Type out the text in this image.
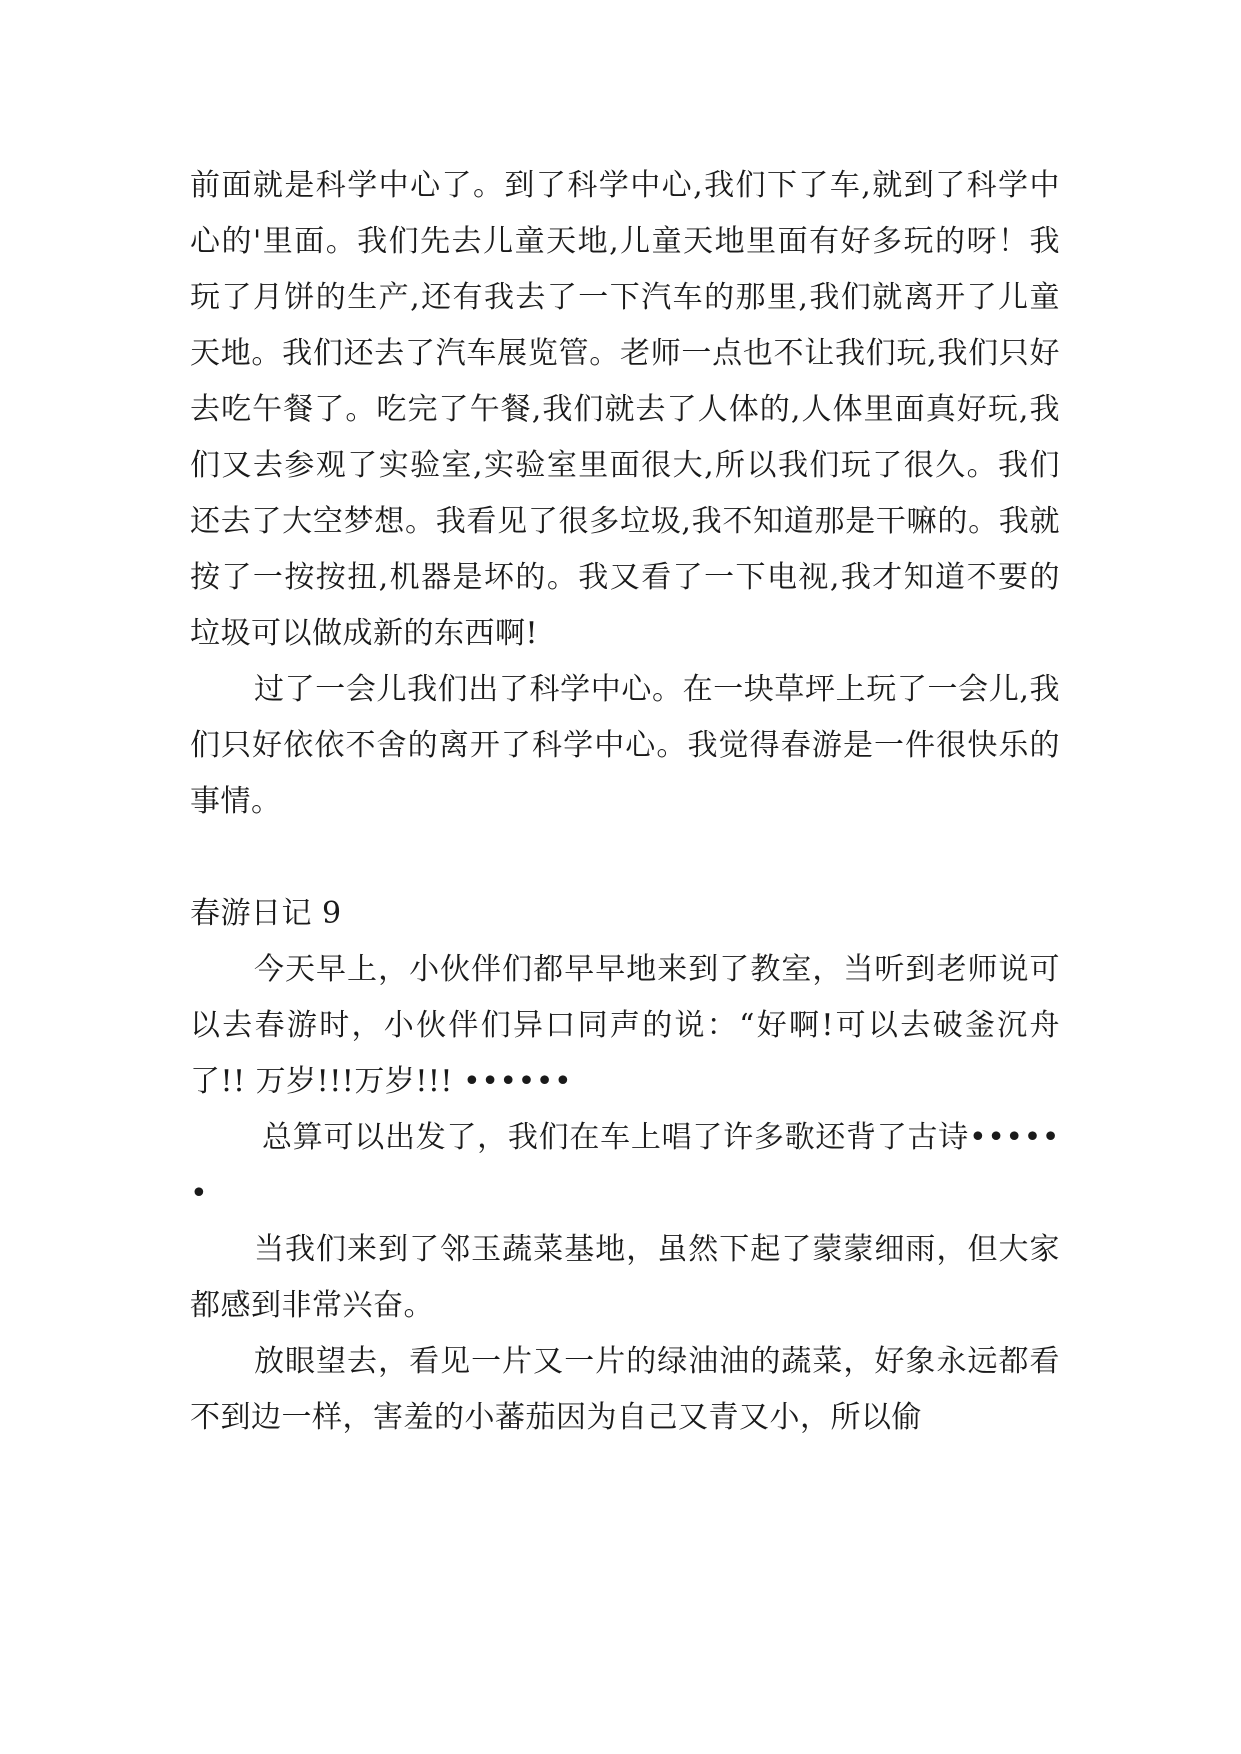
前面就是科学中心了。到了科学中心,我们下了车,就到了科学中心的'里面。我们先去儿童天地,儿童天地里面有好多玩的呀！我玩了月饼的生产,还有我去了一下汽车的那里,我们就离开了儿童天地。我们还去了汽车展览管。老师一点也不让我们玩,我们只好去吃午餐了。吃完了午餐,我们就去了人体的,人体里面真好玩,我们又去参观了实验室,实验室里面很大,所以我们玩了很久。我们还去了大空梦想。我看见了很多垃圾,我不知道那是干嘛的。我就按了一按按扭,机器是坏的。我又看了一下电视,我才知道不要的垃圾可以做成新的东西啊!

过了一会儿我们出了科学中心。在一块草坪上玩了一会儿,我们只好依依不舍的离开了科学中心。我觉得春游是一件很快乐的事情。

春游日记 9

今天早上，小伙伴们都早早地来到了教室，当听到老师说可以去春游时，小伙伴们异口同声的说：“好啊!可以去破釜沉舟了!! 万岁!!!万岁!!! ••••••

总算可以出发了，我们在车上唱了许多歌还背了古诗••••••

当我们来到了邻玉蔬菜基地，虽然下起了蒙蒙细雨，但大家都感到非常兴奋。

放眼望去，看见一片又一片的绿油油的蔬菜，好象永远都看不到边一样，害羞的小蕃茄因为自己又青又小，所以偷
